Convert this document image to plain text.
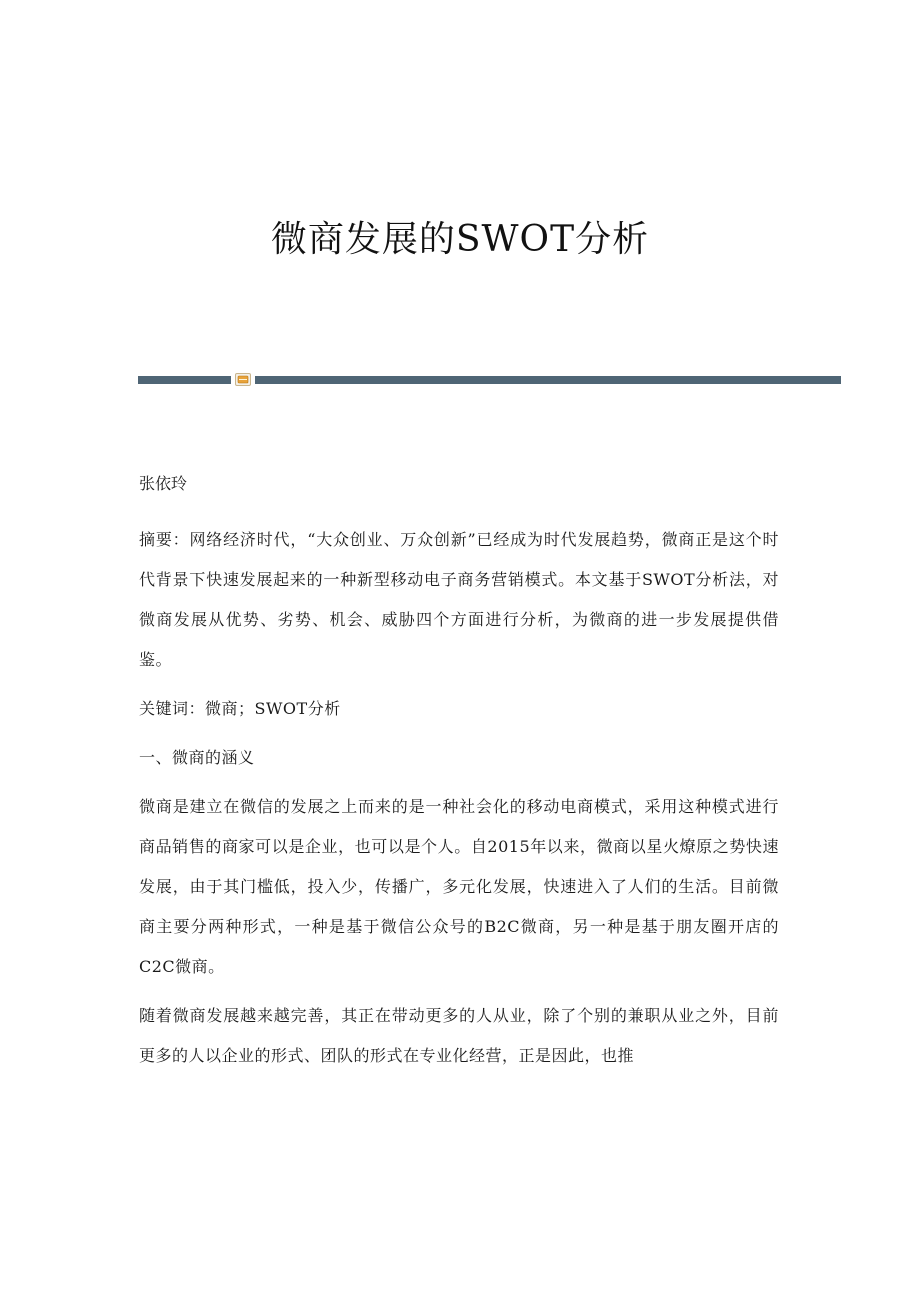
微商发展的SWOT分析

张依玲

摘要：网络经济时代，“大众创业、万众创新”已经成为时代发展趋势，微商正是这个时代背景下快速发展起来的一种新型移动电子商务营销模式。本文基于SWOT分析法，对微商发展从优势、劣势、机会、威胁四个方面进行分析，为微商的进一步发展提供借鉴。

关键词：微商；SWOT分析

一、微商的涵义

微商是建立在微信的发展之上而来的是一种社会化的移动电商模式，采用这种模式进行商品销售的商家可以是企业，也可以是个人。自2015年以来，微商以星火燎原之势快速发展，由于其门槛低，投入少，传播广，多元化发展，快速进入了人们的生活。目前微商主要分两种形式，一种是基于微信公众号的B2C微商，另一种是基于朋友圈开店的C2C微商。

随着微商发展越来越完善，其正在带动更多的人从业，除了个别的兼职从业之外，目前更多的人以企业的形式、团队的形式在专业化经营，正是因此，也推
